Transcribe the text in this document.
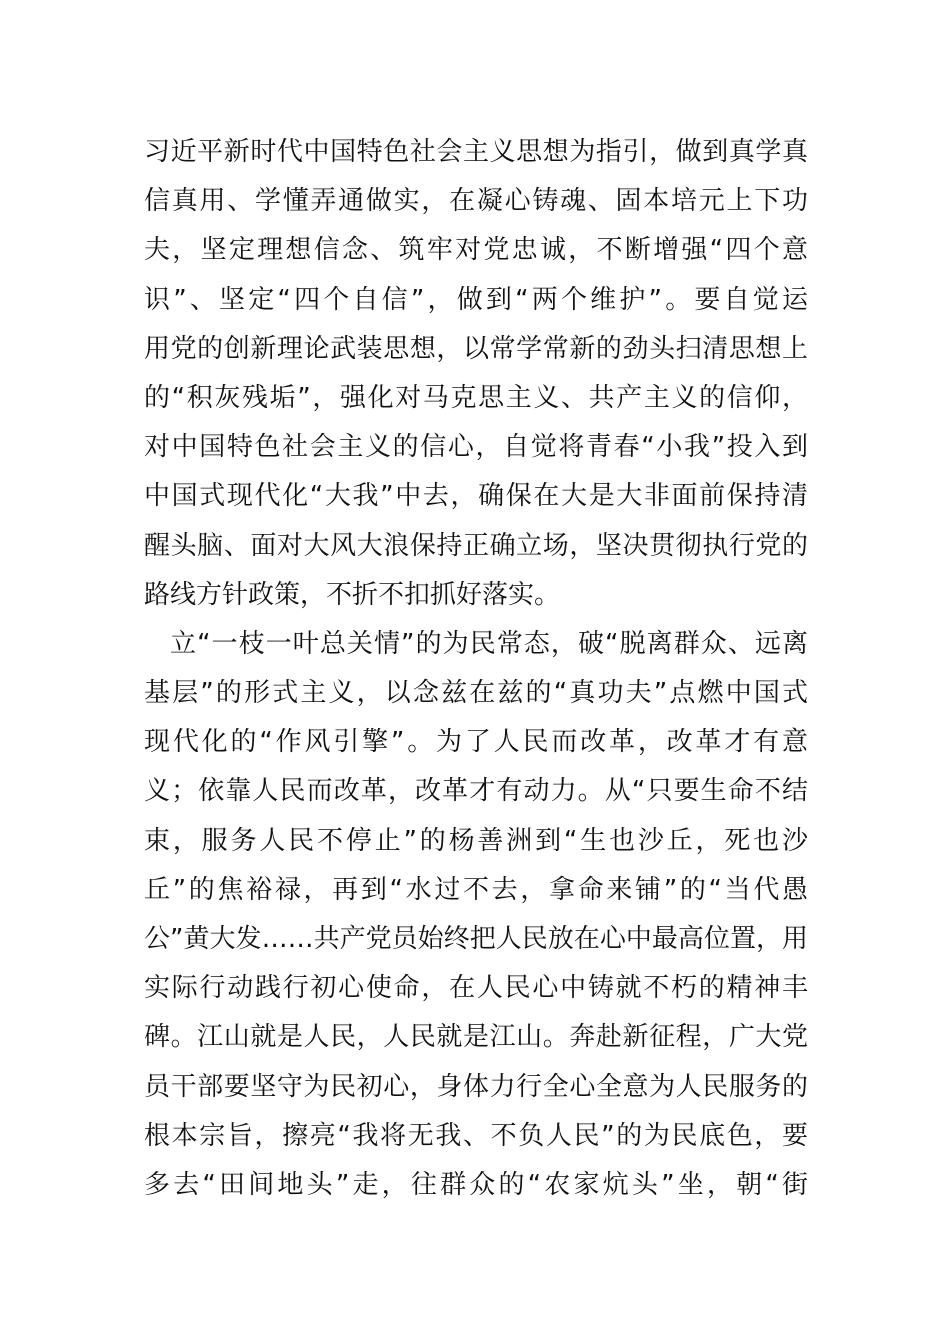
习近平新时代中国特色社会主义思想为指引，做到真学真
信真用、学懂弄通做实，在凝心铸魂、固本培元上下功
夫，坚定理想信念、筑牢对党忠诚，不断增强“四个意
识”、坚定“四个自信”，做到“两个维护”。要自觉运
用党的创新理论武装思想，以常学常新的劲头扫清思想上
的“积灰残垢”，强化对马克思主义、共产主义的信仰，
对中国特色社会主义的信心，自觉将青春“小我”投入到
中国式现代化“大我”中去，确保在大是大非面前保持清
醒头脑、面对大风大浪保持正确立场，坚决贯彻执行党的
路线方针政策，不折不扣抓好落实。
立“一枝一叶总关情”的为民常态，破“脱离群众、远离
基层”的形式主义，以念兹在兹的“真功夫”点燃中国式
现代化的“作风引擎”。为了人民而改革，改革才有意
义；依靠人民而改革，改革才有动力。从“只要生命不结
束，服务人民不停止”的杨善洲到“生也沙丘，死也沙
丘”的焦裕禄，再到“水过不去，拿命来铺”的“当代愚
公”黄大发……共产党员始终把人民放在心中最高位置，用
实际行动践行初心使命，在人民心中铸就不朽的精神丰
碑。江山就是人民，人民就是江山。奔赴新征程，广大党
员干部要坚守为民初心，身体力行全心全意为人民服务的
根本宗旨，擦亮“我将无我、不负人民”的为民底色，要
多去“田间地头”走，往群众的“农家炕头”坐，朝“街
